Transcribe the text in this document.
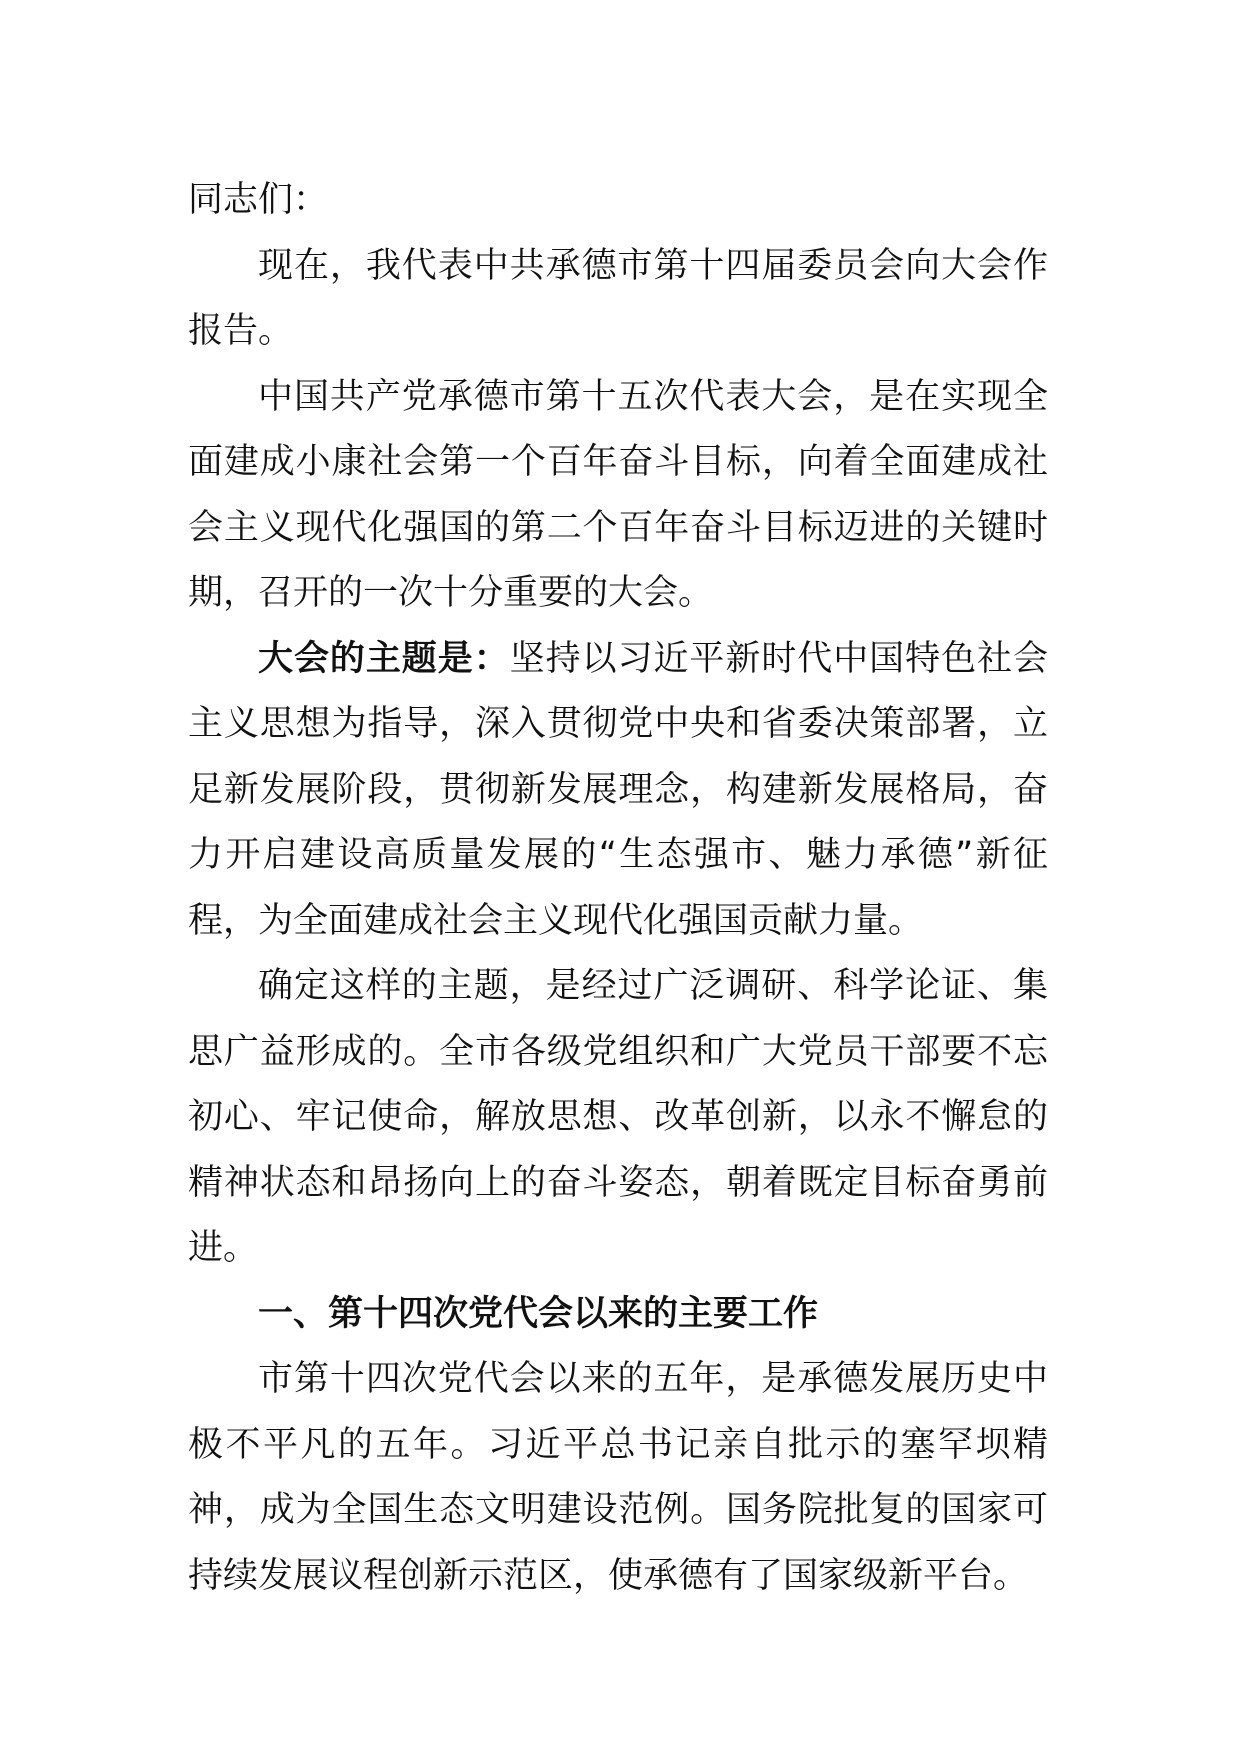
同志们：

现在，我代表中共承德市第十四届委员会向大会作报告。

中国共产党承德市第十五次代表大会，是在实现全面建成小康社会第一个百年奋斗目标，向着全面建成社会主义现代化强国的第二个百年奋斗目标迈进的关键时期，召开的一次十分重要的大会。

大会的主题是：坚持以习近平新时代中国特色社会主义思想为指导，深入贯彻党中央和省委决策部署，立足新发展阶段，贯彻新发展理念，构建新发展格局，奋力开启建设高质量发展的“生态强市、魅力承德”新征程，为全面建成社会主义现代化强国贡献力量。

确定这样的主题，是经过广泛调研、科学论证、集思广益形成的。全市各级党组织和广大党员干部要不忘初心、牢记使命，解放思想、改革创新，以永不懈怠的精神状态和昂扬向上的奋斗姿态，朝着既定目标奋勇前进。

一、第十四次党代会以来的主要工作

市第十四次党代会以来的五年，是承德发展历史中极不平凡的五年。习近平总书记亲自批示的塞罕坝精神，成为全国生态文明建设范例。国务院批复的国家可持续发展议程创新示范区，使承德有了国家级新平台。
